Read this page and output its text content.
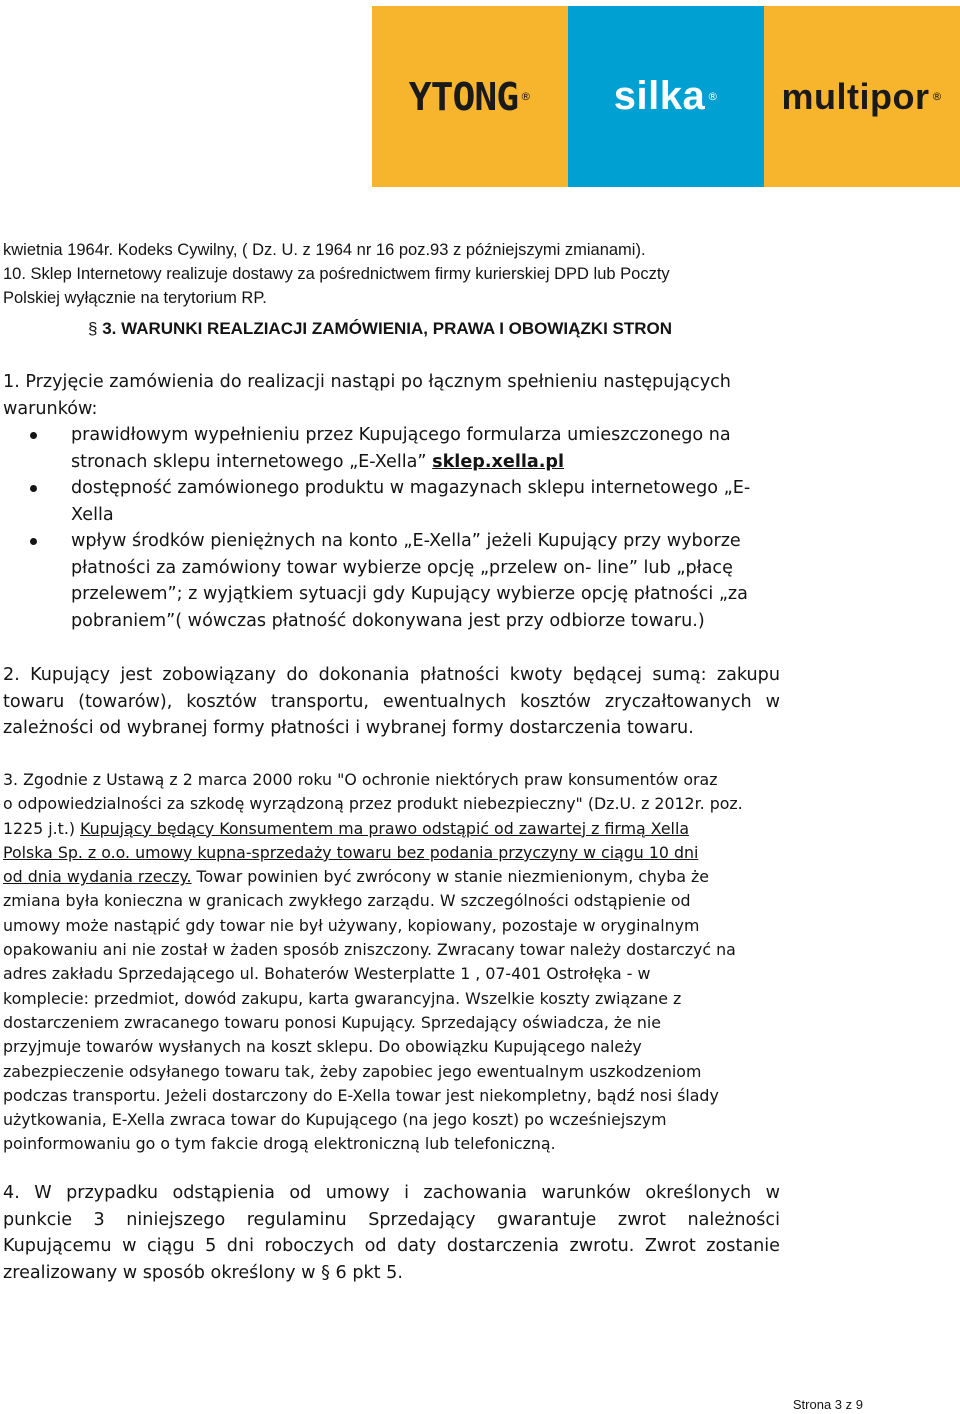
YTONG ® silka ® multipor ®

kwietnia 1964r. Kodeks Cywilny, ( Dz. U. z 1964 nr 16 poz.93 z późniejszymi zmianami).

10. Sklep Internetowy realizuje dostawy za pośrednictwem firmy kurierskiej DPD lub Poczty

Polskiej wyłącznie na terytorium RP.

§ 3. WARUNKI REALZIACJI ZAMÓWIENIA, PRAWA I OBOWIĄZKI STRON

1. Przyjęcie zamówienia do realizacji nastąpi po łącznym spełnieniu następujących

warunków:

prawidłowym wypełnieniu przez Kupującego formularza umieszczonego na
stronach sklepu internetowego „E-Xella” sklep.xella.pl
dostępność zamówionego produktu w magazynach sklepu internetowego „E-
Xella
wpływ środków pieniężnych na konto „E-Xella” jeżeli Kupujący przy wyborze
płatności za zamówiony towar wybierze opcję „przelew on- line” lub „płacę
przelewem”; z wyjątkiem sytuacji gdy Kupujący wybierze opcję płatności „za
pobraniem”( wówczas płatność dokonywana jest przy odbiorze towaru.)
2. Kupujący jest zobowiązany do dokonania płatności kwoty będącej sumą: zakupu
towaru (towarów), kosztów transportu, ewentualnych kosztów zryczałtowanych w
zależności od wybranej formy płatności i wybranej formy dostarczenia towaru.
3. Zgodnie z Ustawą z 2 marca 2000 roku "O ochronie niektórych praw konsumentów oraz
o odpowiedzialności za szkodę wyrządzoną przez produkt niebezpieczny" (Dz.U. z 2012r. poz.
1225 j.t.) Kupujący będący Konsumentem ma prawo odstąpić od zawartej z firmą Xella
Polska Sp. z o.o. umowy kupna-sprzedaży towaru bez podania przyczyny w ciągu 10 dni
od dnia wydania rzeczy. Towar powinien być zwrócony w stanie niezmienionym, chyba że
zmiana była konieczna w granicach zwykłego zarządu. W szczególności odstąpienie od
umowy może nastąpić gdy towar nie był używany, kopiowany, pozostaje w oryginalnym
opakowaniu ani nie został w żaden sposób zniszczony. Zwracany towar należy dostarczyć na
adres zakładu Sprzedającego ul. Bohaterów Westerplatte 1 , 07-401 Ostrołęka - w
komplecie: przedmiot, dowód zakupu, karta gwarancyjna. Wszelkie koszty związane z
dostarczeniem zwracanego towaru ponosi Kupujący. Sprzedający oświadcza, że nie
przyjmuje towarów wysłanych na koszt sklepu. Do obowiązku Kupującego należy
zabezpieczenie odsyłanego towaru tak, żeby zapobiec jego ewentualnym uszkodzeniom
podczas transportu. Jeżeli dostarczony do E-Xella towar jest niekompletny, bądź nosi ślady
użytkowania, E-Xella zwraca towar do Kupującego (na jego koszt) po wcześniejszym
poinformowaniu go o tym fakcie drogą elektroniczną lub telefoniczną.
4. W przypadku odstąpienia od umowy i zachowania warunków określonych w
punkcie 3 niniejszego regulaminu Sprzedający gwarantuje zwrot należności
Kupującemu w ciągu 5 dni roboczych od daty dostarczenia zwrotu. Zwrot zostanie
zrealizowany w sposób określony w § 6 pkt 5.
Strona 3 z 9
